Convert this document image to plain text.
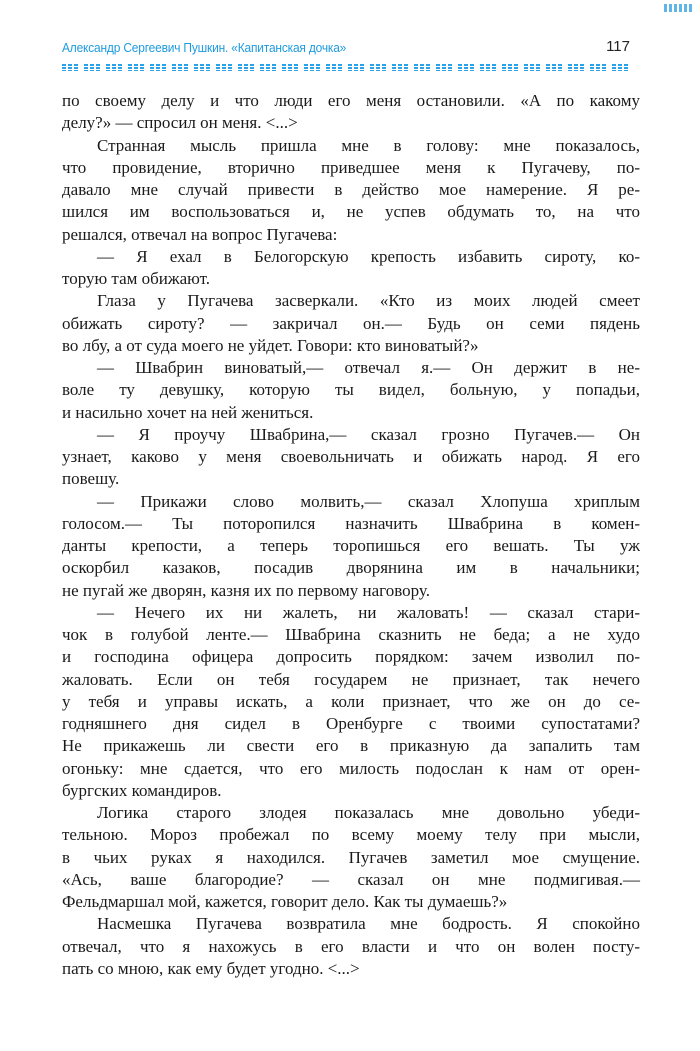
Александр Сергеевич Пушкин. «Капитанская дочка»	117
по своему делу и что люди его меня остановили. «А по какому
делу?» — спросил он меня. <...>
Странная мысль пришла мне в голову: мне показалось,
что провидение, вторично приведшее меня к Пугачеву, по-
давало мне случай привести в действо мое намерение. Я ре-
шился им воспользоваться и, не успев обдумать то, на что
решался, отвечал на вопрос Пугачева:
— Я ехал в Белогорскую крепость избавить сироту, ко-
торую там обижают.
Глаза у Пугачева засверкали. «Кто из моих людей смеет
обижать сироту? — закричал он.— Будь он семи пядень
во лбу, а от суда моего не уйдет. Говори: кто виноватый?»
— Швабрин виноватый,— отвечал я.— Он держит в не-
воле ту девушку, которую ты видел, больную, у попадьи,
и насильно хочет на ней жениться.
— Я проучу Швабрина,— сказал грозно Пугачев.— Он
узнает, каково у меня своевольничать и обижать народ. Я его
повешу.
— Прикажи слово молвить,— сказал Хлопуша хриплым
голосом.— Ты поторопился назначить Швабрина в комен-
данты крепости, а теперь торопишься его вешать. Ты уж
оскорбил казаков, посадив дворянина им в начальники;
не пугай же дворян, казня их по первому наговору.
— Нечего их ни жалеть, ни жаловать! — сказал стари-
чок в голубой ленте.— Швабрина сказнить не беда; а не худо
и господина офицера допросить порядком: зачем изволил по-
жаловать. Если он тебя государем не признает, так нечего
у тебя и управы искать, а коли признает, что же он до се-
годняшнего дня сидел в Оренбурге с твоими супостатами?
Не прикажешь ли свести его в приказную да запалить там
огоньку: мне сдается, что его милость подослан к нам от орен-
бургских командиров.
Логика старого злодея показалась мне довольно убеди-
тельною. Мороз пробежал по всему моему телу при мысли,
в чьих руках я находился. Пугачев заметил мое смущение.
«Ась, ваше благородие? — сказал он мне подмигивая.—
Фельдмаршал мой, кажется, говорит дело. Как ты думаешь?»
Насмешка Пугачева возвратила мне бодрость. Я спокойно
отвечал, что я нахожусь в его власти и что он волен посту-
пать со мною, как ему будет угодно. <...>
